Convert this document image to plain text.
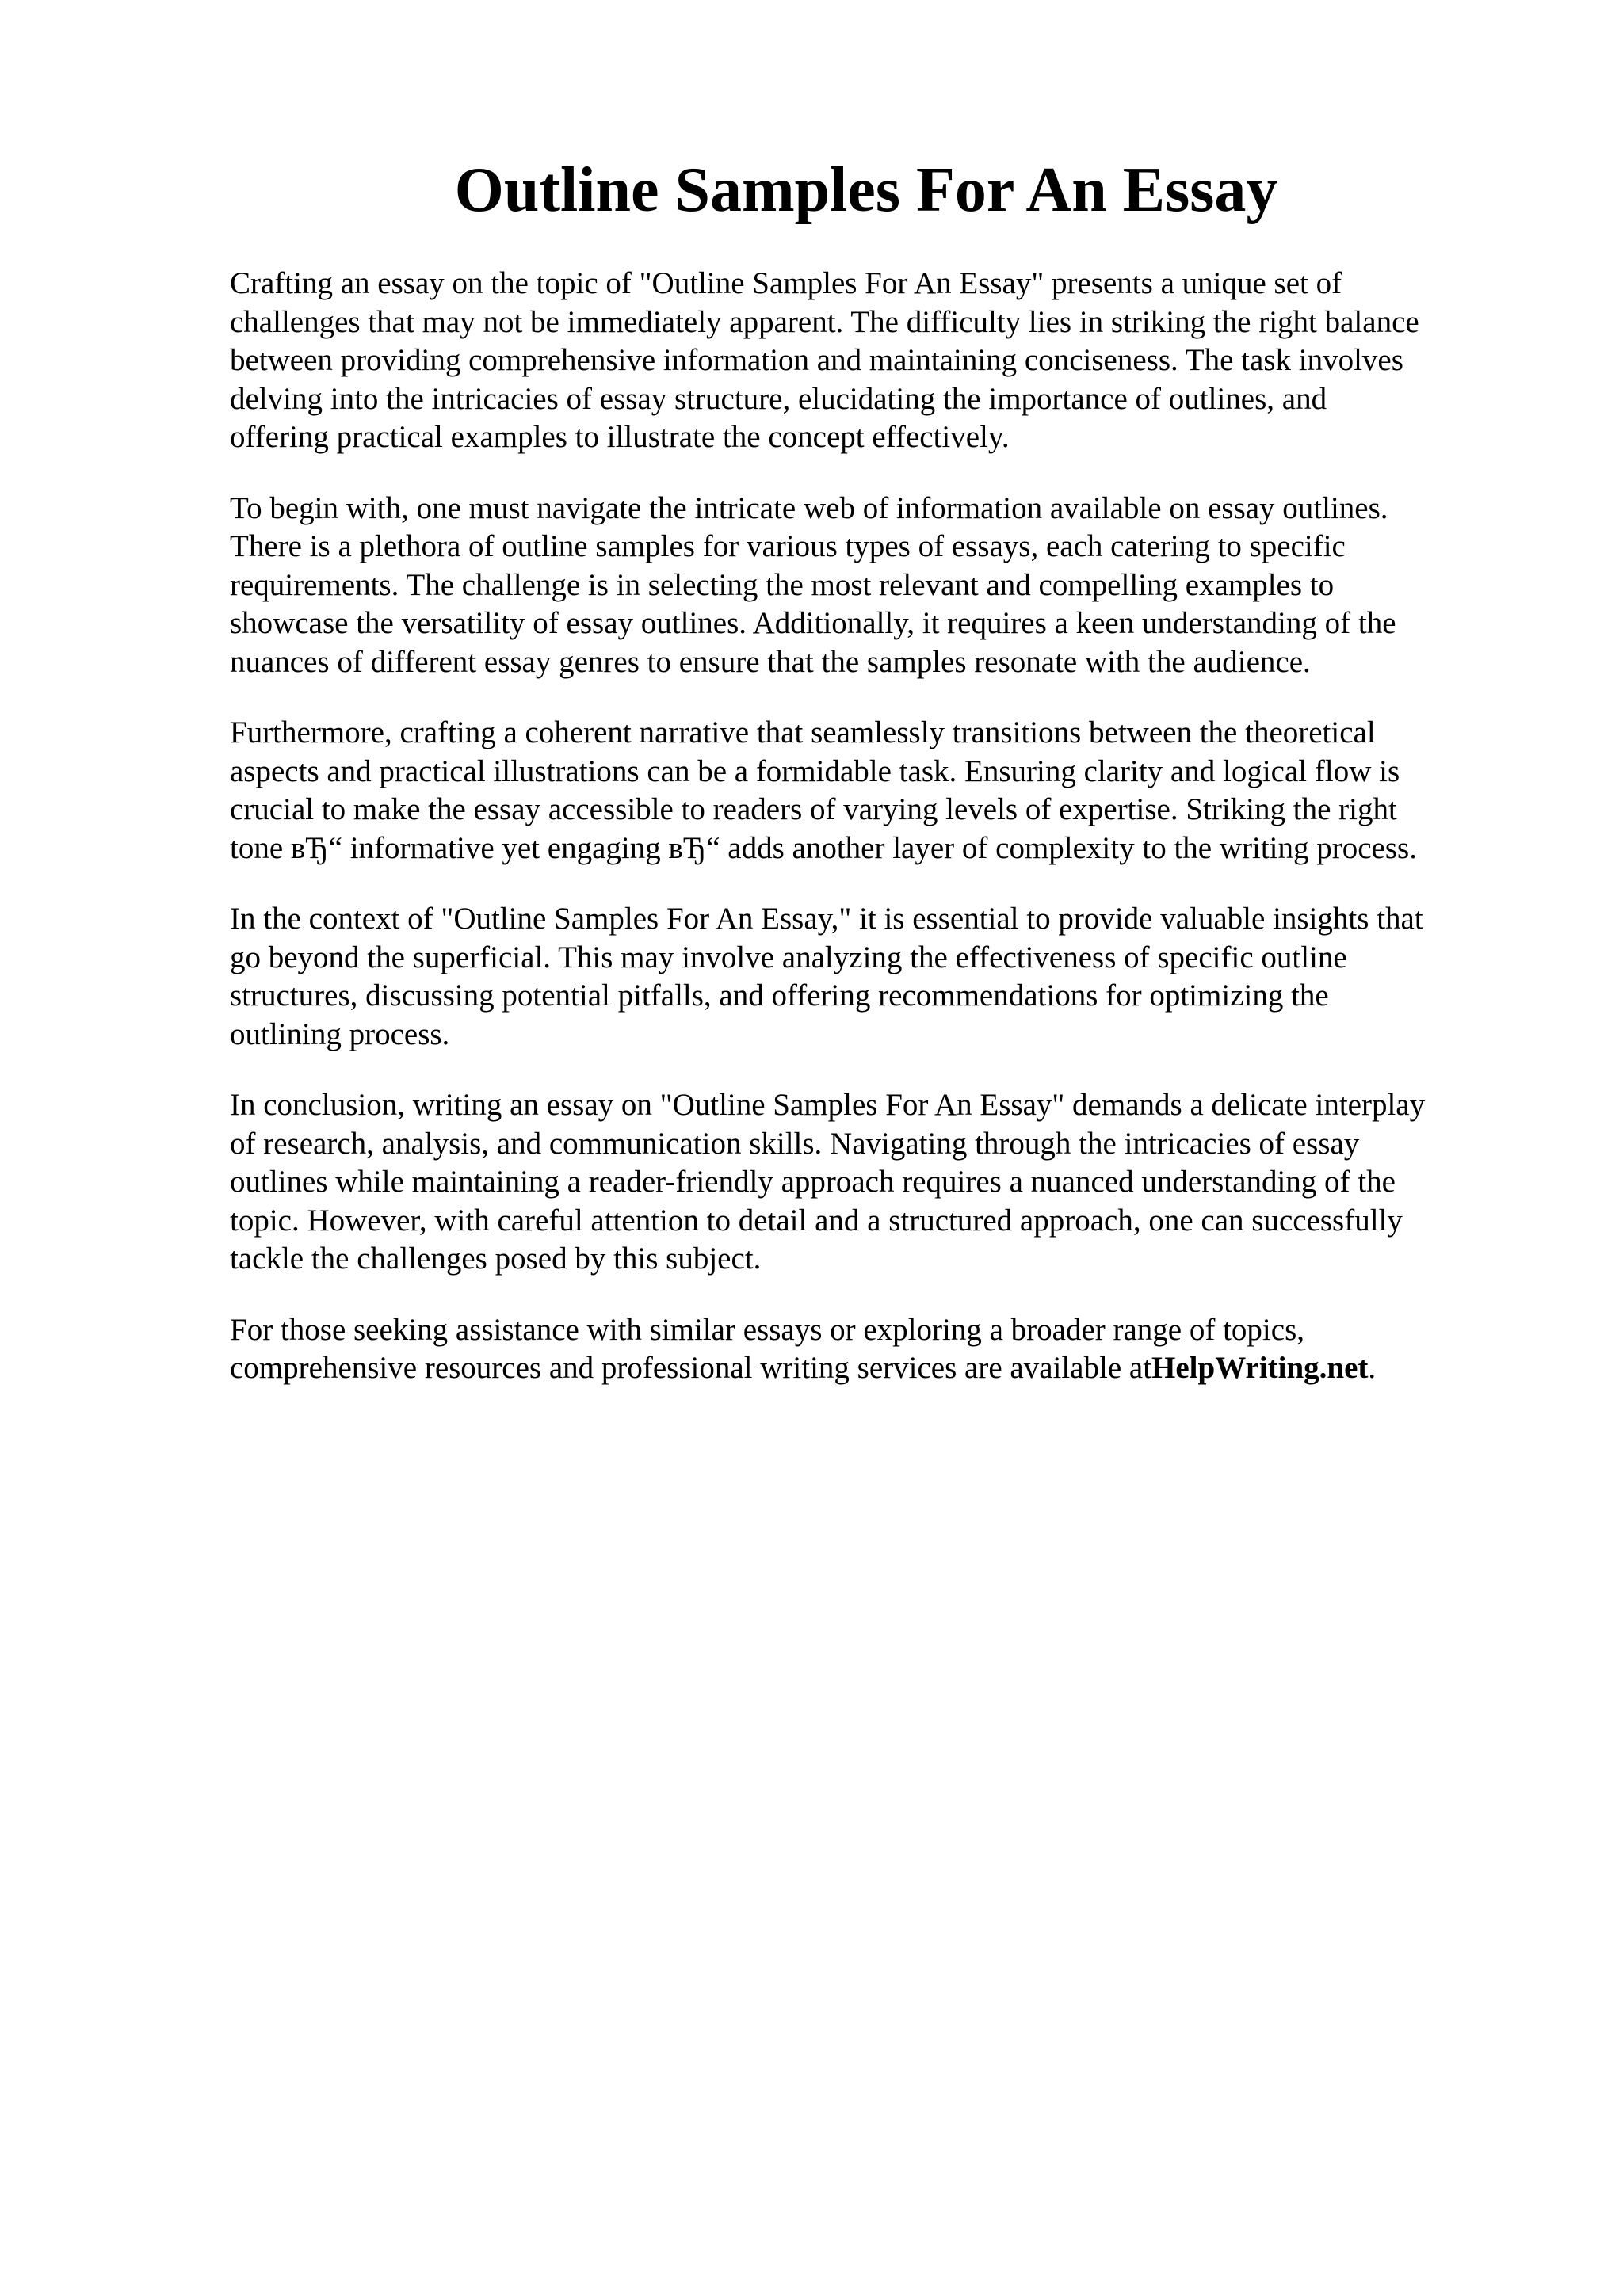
Outline Samples For An Essay

Crafting an essay on the topic of "Outline Samples For An Essay" presents a unique set of
challenges that may not be immediately apparent. The difficulty lies in striking the right balance
between providing comprehensive information and maintaining conciseness. The task involves
delving into the intricacies of essay structure, elucidating the importance of outlines, and
offering practical examples to illustrate the concept effectively.

To begin with, one must navigate the intricate web of information available on essay outlines.
There is a plethora of outline samples for various types of essays, each catering to specific
requirements. The challenge is in selecting the most relevant and compelling examples to
showcase the versatility of essay outlines. Additionally, it requires a keen understanding of the
nuances of different essay genres to ensure that the samples resonate with the audience.

Furthermore, crafting a coherent narrative that seamlessly transitions between the theoretical
aspects and practical illustrations can be a formidable task. Ensuring clarity and logical flow is
crucial to make the essay accessible to readers of varying levels of expertise. Striking the right
tone вЂ“ informative yet engaging вЂ“ adds another layer of complexity to the writing process.

In the context of "Outline Samples For An Essay," it is essential to provide valuable insights that
go beyond the superficial. This may involve analyzing the effectiveness of specific outline
structures, discussing potential pitfalls, and offering recommendations for optimizing the
outlining process.

In conclusion, writing an essay on "Outline Samples For An Essay" demands a delicate interplay
of research, analysis, and communication skills. Navigating through the intricacies of essay
outlines while maintaining a reader-friendly approach requires a nuanced understanding of the
topic. However, with careful attention to detail and a structured approach, one can successfully
tackle the challenges posed by this subject.

For those seeking assistance with similar essays or exploring a broader range of topics,
comprehensive resources and professional writing services are available atHelpWriting.net.
